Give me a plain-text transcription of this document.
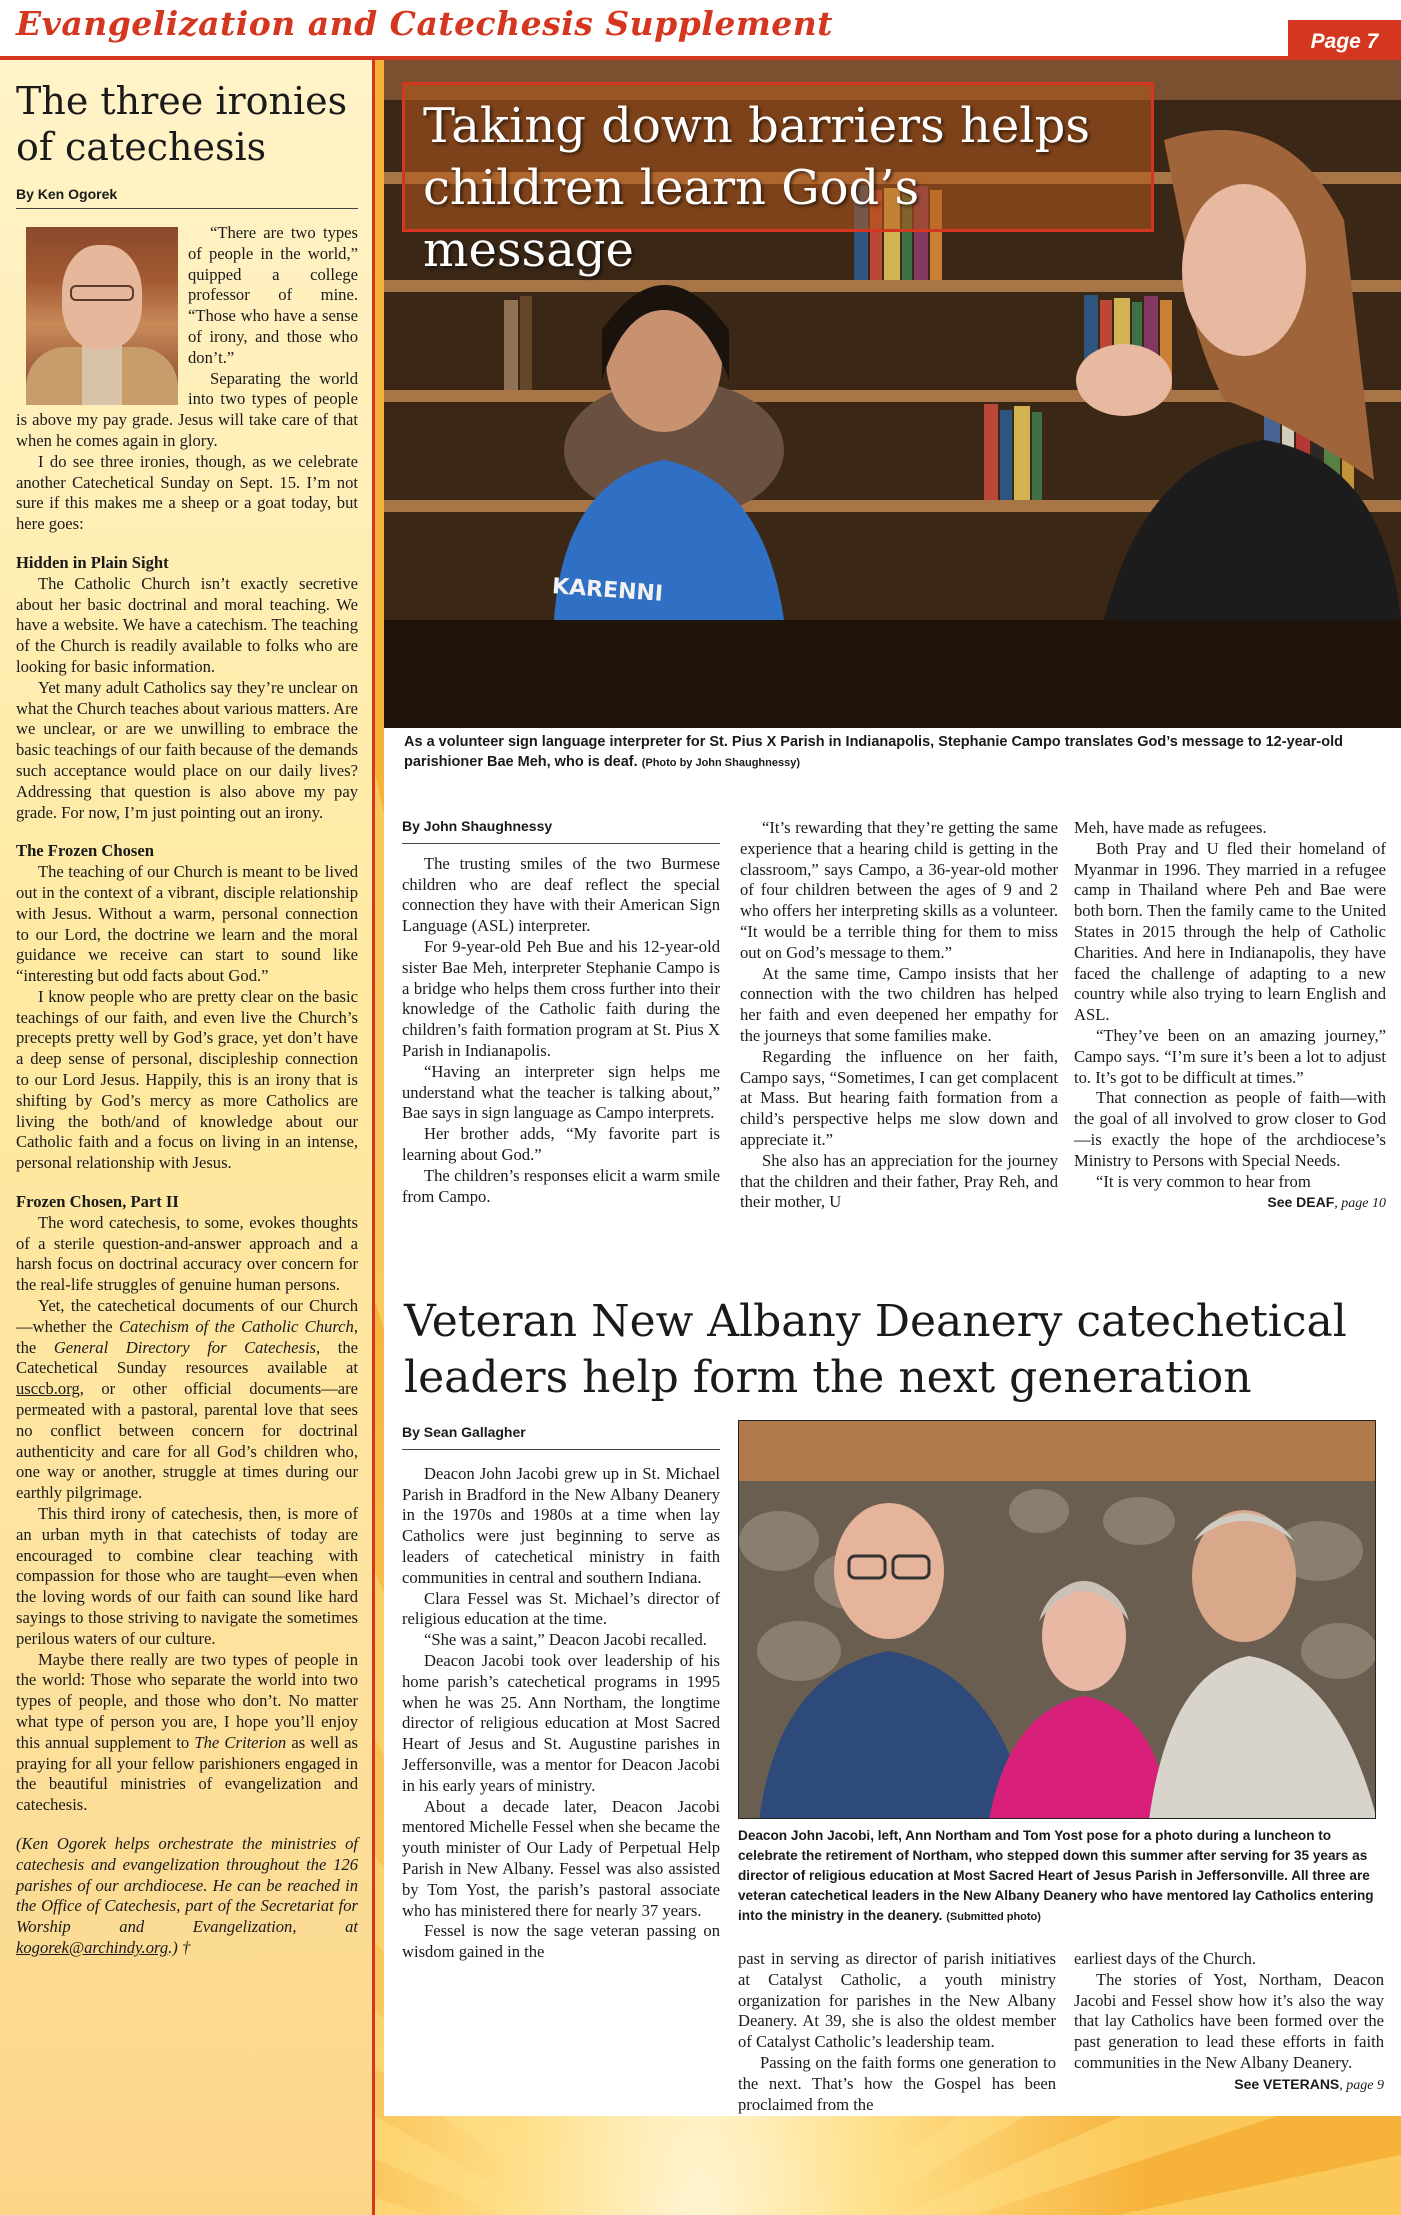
Evangelization and Catechesis Supplement	Page 7
The three ironies of catechesis
By Ken Ogorek

“There are two types of people in the world,” quipped a college professor of mine. “Those who have a sense of irony, and those who don’t.”

Separating the world into two types of people is above my pay grade. Jesus will take care of that when he comes again in glory.

I do see three ironies, though, as we celebrate another Catechetical Sunday on Sept. 15. I’m not sure if this makes me a sheep or a goat today, but here goes:

Hidden in Plain Sight

The Catholic Church isn’t exactly secretive about her basic doctrinal and moral teaching. We have a website. We have a catechism. The teaching of the Church is readily available to folks who are looking for basic information.

Yet many adult Catholics say they’re unclear on what the Church teaches about various matters. Are we unclear, or are we unwilling to embrace the basic teachings of our faith because of the demands such acceptance would place on our daily lives? Addressing that question is also above my pay grade. For now, I’m just pointing out an irony.

The Frozen Chosen

The teaching of our Church is meant to be lived out in the context of a vibrant, disciple relationship with Jesus. Without a warm, personal connection to our Lord, the doctrine we learn and the moral guidance we receive can start to sound like “interesting but odd facts about God.”

I know people who are pretty clear on the basic teachings of our faith, and even live the Church’s precepts pretty well by God’s grace, yet don’t have a deep sense of personal, discipleship connection to our Lord Jesus. Happily, this is an irony that is shifting by God’s mercy as more Catholics are living the both/and of knowledge about our Catholic faith and a focus on living in an intense, personal relationship with Jesus.

Frozen Chosen, Part II

The word catechesis, to some, evokes thoughts of a sterile question-and-answer approach and a harsh focus on doctrinal accuracy over concern for the real-life struggles of genuine human persons.

Yet, the catechetical documents of our Church—whether the Catechism of the Catholic Church, the General Directory for Catechesis, the Catechetical Sunday resources available at usccb.org, or other official documents—are permeated with a pastoral, parental love that sees no conflict between concern for doctrinal authenticity and care for all God’s children who, one way or another, struggle at times during our earthly pilgrimage.

This third irony of catechesis, then, is more of an urban myth in that catechists of today are encouraged to combine clear teaching with compassion for those who are taught—even when the loving words of our faith can sound like hard sayings to those striving to navigate the sometimes perilous waters of our culture.

Maybe there really are two types of people in the world: Those who separate the world into two types of people, and those who don’t. No matter what type of person you are, I hope you’ll enjoy this annual supplement to The Criterion as well as praying for all your fellow parishioners engaged in the beautiful ministries of evangelization and catechesis.

(Ken Ogorek helps orchestrate the ministries of catechesis and evangelization throughout the 126 parishes of our archdiocese. He can be reached in the Office of Catechesis, part of the Secretariat for Worship and Evangelization, at kogorek@archindy.org.) †

Taking down barriers helps children learn God’s message
KARENNI
As a volunteer sign language interpreter for St. Pius X Parish in Indianapolis, Stephanie Campo translates God’s message to 12-year-old parishioner Bae Meh, who is deaf. (Photo by John Shaughnessy)
By John Shaughnessy

The trusting smiles of the two Burmese children who are deaf reflect the special connection they have with their American Sign Language (ASL) interpreter.

For 9-year-old Peh Bue and his 12-year-old sister Bae Meh, interpreter Stephanie Campo is a bridge who helps them cross further into their knowledge of the Catholic faith during the children’s faith formation program at St. Pius X Parish in Indianapolis.

“Having an interpreter sign helps me understand what the teacher is talking about,” Bae says in sign language as Campo interprets.

Her brother adds, “My favorite part is learning about God.”

The children’s responses elicit a warm smile from Campo.

“It’s rewarding that they’re getting the same experience that a hearing child is getting in the classroom,” says Campo, a 36-year-old mother of four children between the ages of 9 and 2 who offers her interpreting skills as a volunteer. “It would be a terrible thing for them to miss out on God’s message to them.”

At the same time, Campo insists that her connection with the two children has helped her faith and even deepened her empathy for the journeys that some families make.

Regarding the influence on her faith, Campo says, “Sometimes, I can get complacent at Mass. But hearing faith formation from a child’s perspective helps me slow down and appreciate it.”

She also has an appreciation for the journey that the children and their father, Pray Reh, and their mother, U

Meh, have made as refugees.

Both Pray and U fled their homeland of Myanmar in 1996. They married in a refugee camp in Thailand where Peh and Bae were both born. Then the family came to the United States in 2015 through the help of Catholic Charities. And here in Indianapolis, they have faced the challenge of adapting to a new country while also trying to learn English and ASL.

“They’ve been on an amazing journey,” Campo says. “I’m sure it’s been a lot to adjust to. It’s got to be difficult at times.”

That connection as people of faith—with the goal of all involved to grow closer to God—is exactly the hope of the archdiocese’s Ministry to Persons with Special Needs.

“It is very common to hear from

See DEAF, page 10
Veteran New Albany Deanery catechetical leaders help form the next generation
By Sean Gallagher

Deacon John Jacobi grew up in St. Michael Parish in Bradford in the New Albany Deanery in the 1970s and 1980s at a time when lay Catholics were just beginning to serve as leaders of catechetical ministry in faith communities in central and southern Indiana.

Clara Fessel was St. Michael’s director of religious education at the time.

“She was a saint,” Deacon Jacobi recalled.

Deacon Jacobi took over leadership of his home parish’s catechetical programs in 1995 when he was 25. Ann Northam, the longtime director of religious education at Most Sacred Heart of Jesus and St. Augustine parishes in Jeffersonville, was a mentor for Deacon Jacobi in his early years of ministry.

About a decade later, Deacon Jacobi mentored Michelle Fessel when she became the youth minister of Our Lady of Perpetual Help Parish in New Albany. Fessel was also assisted by Tom Yost, the parish’s pastoral associate who has ministered there for nearly 37 years.

Fessel is now the sage veteran passing on wisdom gained in the	past in serving as director of parish initiatives at Catalyst Catholic, a youth ministry organization for parishes in the New Albany Deanery. At 39, she is also the oldest member of Catalyst Catholic’s leadership team.

Passing on the faith forms one generation to the next. That’s how the Gospel has been proclaimed from the

earliest days of the Church.

The stories of Yost, Northam, Deacon Jacobi and Fessel show how it’s also the way that lay Catholics have been formed over the past generation to lead these efforts in faith communities in the New Albany Deanery.

See VETERANS, page 9
Deacon John Jacobi, left, Ann Northam and Tom Yost pose for a photo during a luncheon to celebrate the retirement of Northam, who stepped down this summer after serving for 35 years as director of religious education at Most Sacred Heart of Jesus Parish in Jeffersonville. All three are veteran catechetical leaders in the New Albany Deanery who have mentored lay Catholics entering into the ministry in the deanery. (Submitted photo)
